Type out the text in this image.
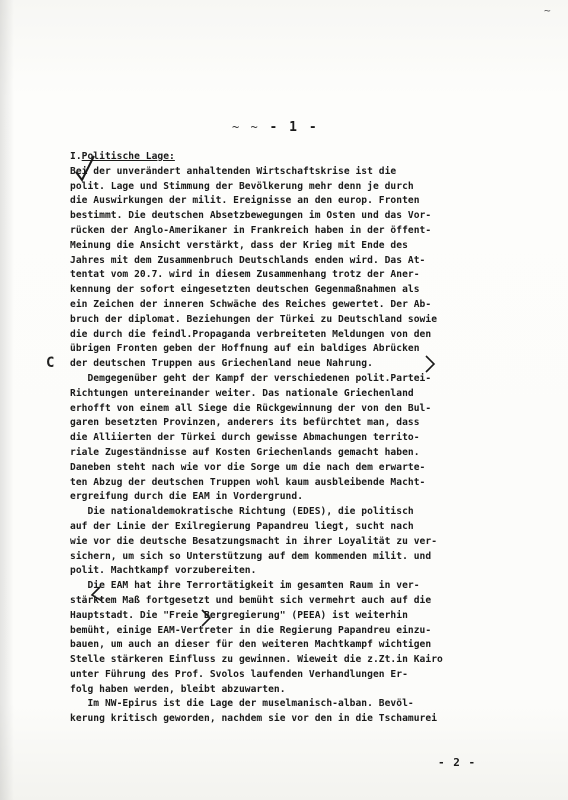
~
~ ~ - 1 -
I.Politische Lage:
Bei der unverändert anhaltenden Wirtschaftskrise ist die
polit. Lage und Stimmung der Bevölkerung mehr denn je durch
die Auswirkungen der milit. Ereignisse an den europ. Fronten
bestimmt. Die deutschen Absetzbewegungen im Osten und das Vor-
rücken der Anglo-Amerikaner in Frankreich haben in der öffent-
Meinung die Ansicht verstärkt, dass der Krieg mit Ende des
Jahres mit dem Zusammenbruch Deutschlands enden wird. Das At-
tentat vom 20.7. wird in diesem Zusammenhang trotz der Aner-
kennung der sofort eingesetzten deutschen Gegenmaßnahmen als
ein Zeichen der inneren Schwäche des Reiches gewertet. Der Ab-
bruch der diplomat. Beziehungen der Türkei zu Deutschland sowie
die durch die feindl.Propaganda verbreiteten Meldungen von den
übrigen Fronten geben der Hoffnung auf ein baldiges Abrücken
der deutschen Truppen aus Griechenland neue Nahrung.
Demgegenüber geht der Kampf der verschiedenen polit.Partei-
Richtungen untereinander weiter. Das nationale Griechenland
erhofft von einem all Siege die Rückgewinnung der von den Bul-
garen besetzten Provinzen, anderers its befürchtet man, dass
die Alliierten der Türkei durch gewisse Abmachungen territo-
riale Zugeständnisse auf Kosten Griechenlands gemacht haben.
Daneben steht nach wie vor die Sorge um die nach dem erwarte-
ten Abzug der deutschen Truppen wohl kaum ausbleibende Macht-
ergreifung durch die EAM in Vordergrund.
Die nationaldemokratische Richtung (EDES), die politisch
auf der Linie der Exilregierung Papandreu liegt, sucht nach
wie vor die deutsche Besatzungsmacht in ihrer Loyalität zu ver-
sichern, um sich so Unterstützung auf dem kommenden milit. und
polit. Machtkampf vorzubereiten.
Die EAM hat ihre Terrortätigkeit im gesamten Raum in ver-
stärktem Maß fortgesetzt und bemüht sich vermehrt auch auf die
Hauptstadt. Die "Freie Bergregierung" (PEEA) ist weiterhin
bemüht, einige EAM-Vertreter in die Regierung Papandreu einzu-
bauen, um auch an dieser für den weiteren Machtkampf wichtigen
Stelle stärkeren Einfluss zu gewinnen. Wieweit die z.Zt.in Kairo
unter Führung des Prof. Svolos laufenden Verhandlungen Er-
folg haben werden, bleibt abzuwarten.
Im NW-Epirus ist die Lage der muselmanisch-alban. Bevöl-
kerung kritisch geworden, nachdem sie vor den in die Tschamurei
C
- 2 -
